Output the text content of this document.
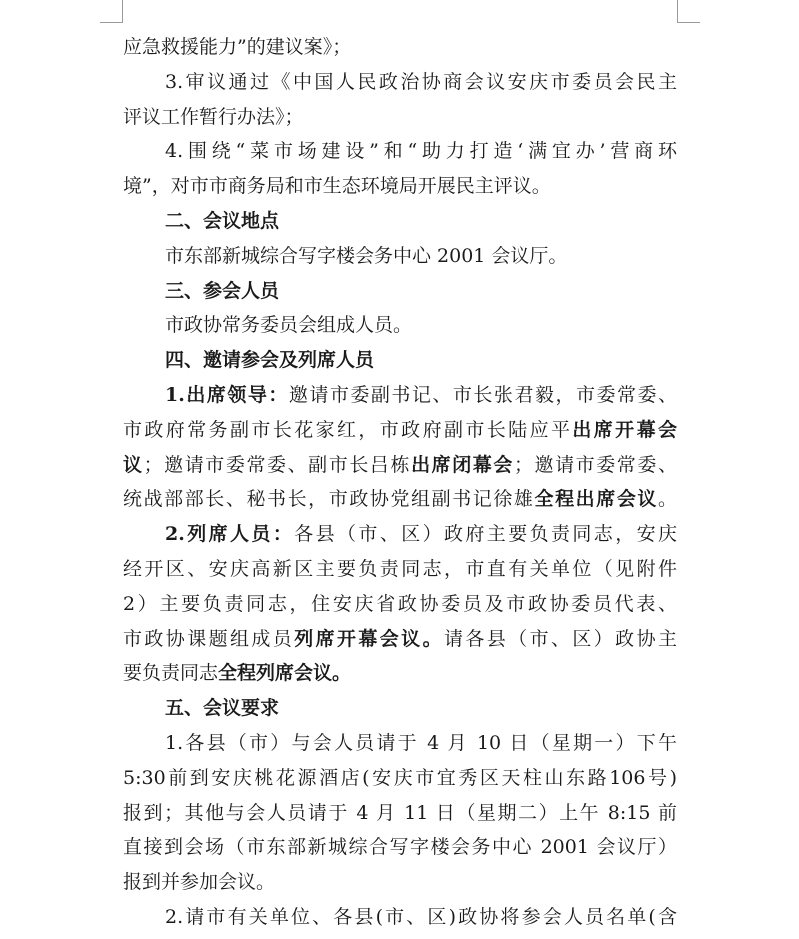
应急救援能力”的建议案》；
3.审议通过《中国人民政治协商会议安庆市委员会民主
评议工作暂行办法》；
4.围绕“菜市场建设”和“助力打造‘满宜办’营商环
境”，对市市商务局和市生态环境局开展民主评议。
二、会议地点
市东部新城综合写字楼会务中心 2001 会议厅。
三、参会人员
市政协常务委员会组成人员。
四、邀请参会及列席人员
1.出席领导：邀请市委副书记、市长张君毅，市委常委、
市政府常务副市长花家红，市政府副市长陆应平出席开幕会
议；邀请市委常委、副市长吕栋出席闭幕会；邀请市委常委、
统战部部长、秘书长，市政协党组副书记徐雄全程出席会议。
2.列席人员：各县（市、区）政府主要负责同志，安庆
经开区、安庆高新区主要负责同志，市直有关单位（见附件
2）主要负责同志，住安庆省政协委员及市政协委员代表、
市政协课题组成员列席开幕会议。请各县（市、区）政协主
要负责同志全程列席会议。
五、会议要求
1.各县（市）与会人员请于 4 月 10 日（星期一）下午
5:30前到安庆桃花源酒店(安庆市宜秀区天柱山东路106号)
报到；其他与会人员请于 4 月 11 日（星期二）上午 8:15 前
直接到会场（市东部新城综合写字楼会务中心 2001 会议厅）
报到并参加会议。
2.请市有关单位、各县(市、区)政协将参会人员名单(含
